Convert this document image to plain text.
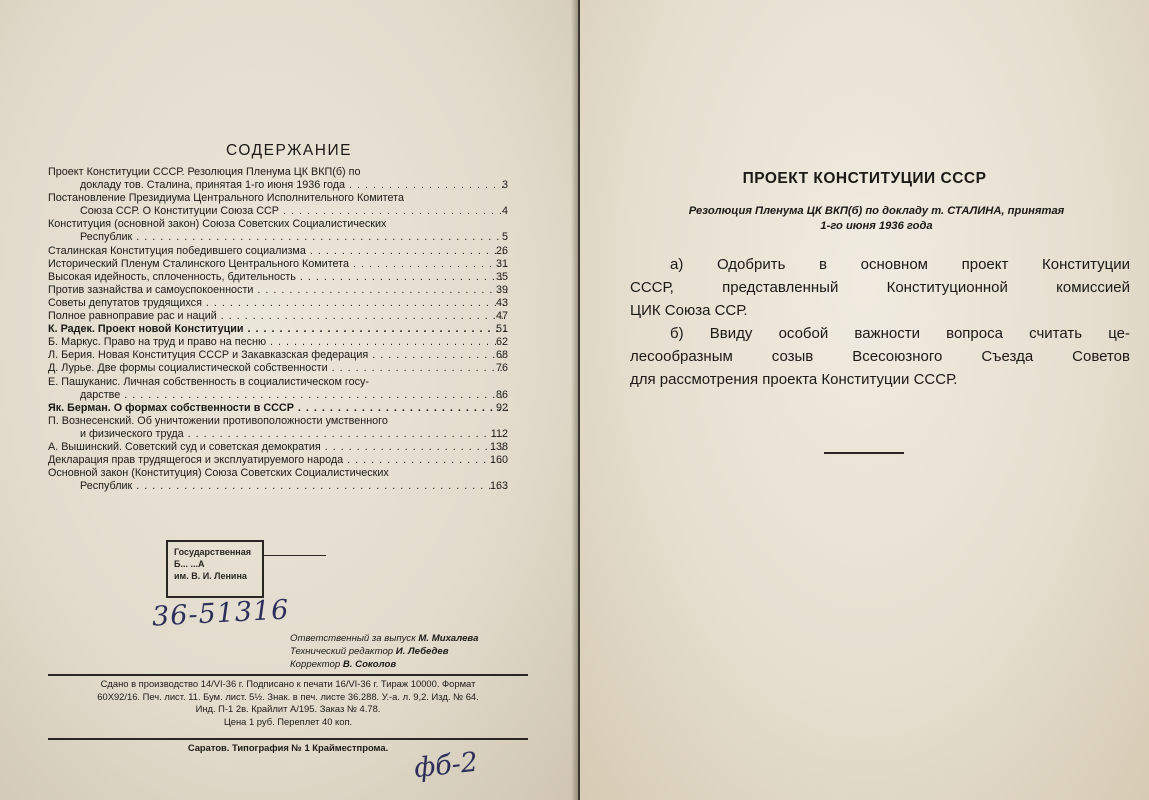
СОДЕРЖАНИЕ
Проект Конституции СССР. Резолюция Пленума ЦК ВКП(б) по
докладу тов. Сталина, принятая 1-го июня 1936 года . . .	3
Постановление Президиума Центрального Исполнительного Комитета
Союза ССР. О Конституции Союза ССР . . .	4
Конституция (основной закон) Союза Советских Социалистических
Республик . . .	5
Сталинская Конституция победившего социализма . . .	26
Исторический Пленум Сталинского Центрального Комитета . . .	31
Высокая идейность, сплоченность, бдительность . . .	35
Против зазнайства и самоуспокоенности . . .	39
Советы депутатов трудящихся . . .	43
Полное равноправие рас и наций . . .	47
К. Радек. Проект новой Конституции . . .	51
Б. Маркус. Право на труд и право на песню . . .	62
Л. Берия. Новая Конституция СССР и Закавказская федерация . . .	68
Д. Лурье. Две формы социалистической собственности . . .	76
Е. Пашуканис. Личная собственность в социалистическом госу-
дарстве . . .	86
Як. Берман. О формах собственности в СССР . . .	92
П. Вознесенский. Об уничтожении противоположности умственного
и физического труда . . .	112
А. Вышинский. Советский суд и советская демократия . . .	138
Декларация прав трудящегося и эксплуатируемого народа . . .	160
Основной закон (Конституция) Союза Советских Социалистических
Республик . . .	163
Государственная
Б... ...А
им. В. И. Ленина
36-51316
Ответственный за выпуск М. Михалева
Технический редактор И. Лебедев
Корректор В. Соколов
Сдано в производство 14/VI-36 г. Подписано к печати 16/VI-36 г. Тираж 10000. Формат
60Х92/16. Печ. лист. 11. Бум. лист. 5½. Знак. в печ. листе 36.288. У.-а. л. 9,2. Изд. № 64.
Инд. П-1 2в. Крайлит А/195. Заказ № 4.78.
Цена 1 руб. Переплет 40 коп.
Саратов. Типография № 1 Крайместпрома. фб-2
ПРОЕКТ КОНСТИТУЦИИ СССР
Резолюция Пленума ЦК ВКП(б) по докладу т. СТАЛИНА, принятая
1-го июня 1936 года
а) Одобрить в основном проект Конституции
СССР, представленный Конституционной комиссией
ЦИК Союза ССР.
б) Ввиду особой важности вопроса считать це-
лесообразным созыв Всесоюзного Съезда Советов
для рассмотрения проекта Конституции СССР.
